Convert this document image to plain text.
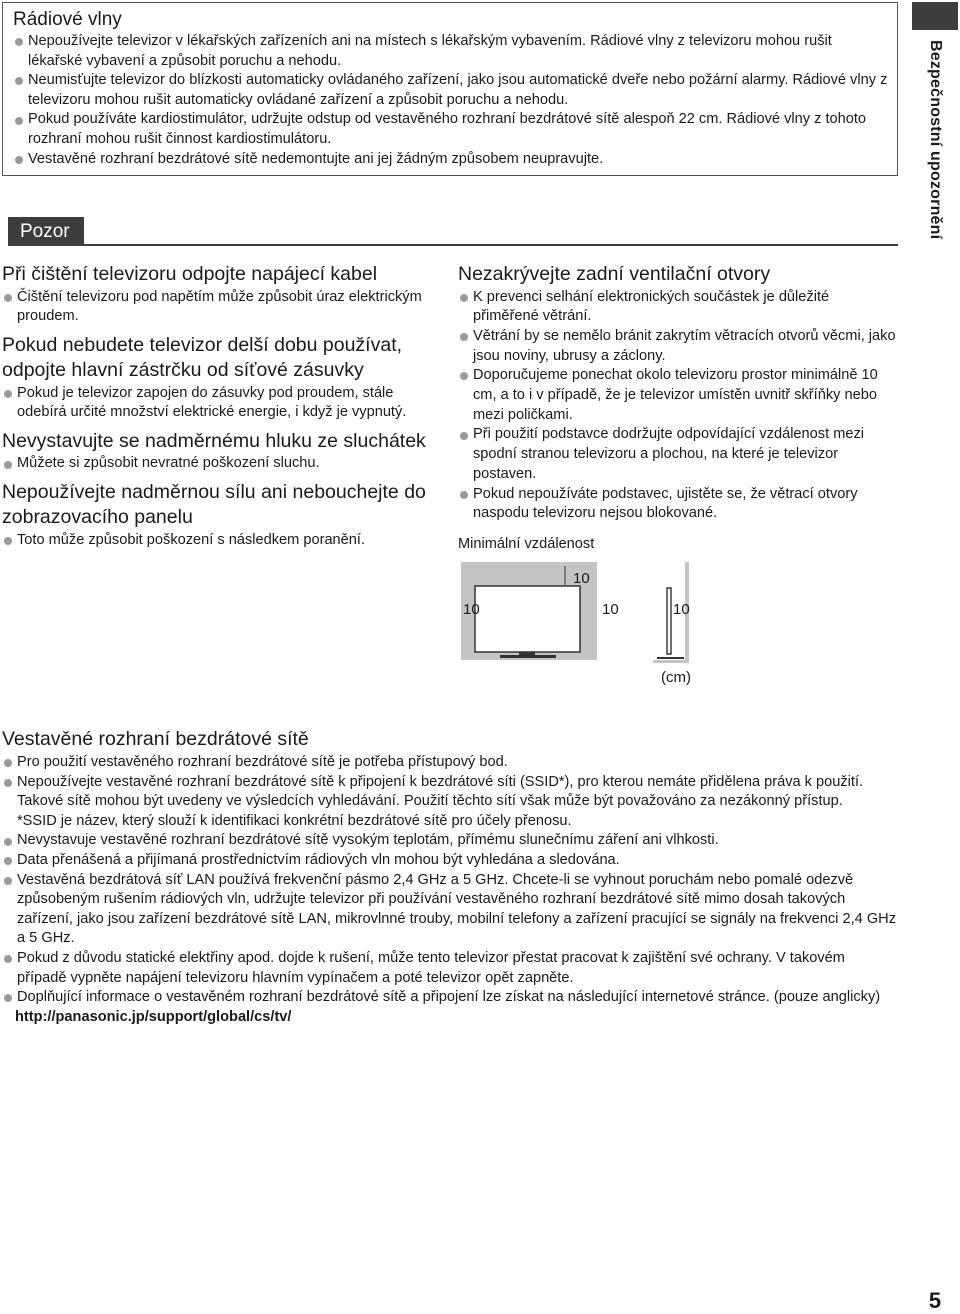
Rádiové vlny
Nepoužívejte televizor v lékařských zařízeních ani na místech s lékařským vybavením. Rádiové vlny z televizoru mohou rušit lékařské vybavení a způsobit poruchu a nehodu.
Neumisťujte televizor do blízkosti automaticky ovládaného zařízení, jako jsou automatické dveře nebo požární alarmy. Rádiové vlny z televizoru mohou rušit automaticky ovládané zařízení a způsobit poruchu a nehodu.
Pokud používáte kardiostimulátor, udržujte odstup od vestavěného rozhraní bezdrátové sítě alespoň 22 cm. Rádiové vlny z tohoto rozhraní mohou rušit činnost kardiostimulátoru.
Vestavěné rozhraní bezdrátové sítě nedemontujte ani jej žádným způsobem neupravujte.	Bezpečnostní upozornění
Pozor
Při čištění televizoru odpojte napájecí kabel
Čištění televizoru pod napětím může způsobit úraz elektrickým proudem.
Pokud nebudete televizor delší dobu používat, odpojte hlavní zástrčku od síťové zásuvky
Pokud je televizor zapojen do zásuvky pod proudem, stále odebírá určité množství elektrické energie, i když je vypnutý.
Nevystavujte se nadměrnému hluku ze sluchátek
Můžete si způsobit nevratné poškození sluchu.
Nepoužívejte nadměrnou sílu ani nebouchejte do zobrazovacího panelu
Toto může způsobit poškození s následkem poranění.
Nezakrývejte zadní ventilační otvory
K prevenci selhání elektronických součástek je důležité přiměřené větrání.
Větrání by se nemělo bránit zakrytím větracích otvorů věcmi, jako jsou noviny, ubrusy a záclony.
Doporučujeme ponechat okolo televizoru prostor minimálně 10 cm, a to i v případě, že je televizor umístěn uvnitř skříňky nebo mezi poličkami.
Při použití podstavce dodržujte odpovídající vzdálenost mezi spodní stranou televizoru a plochou, na které je televizor postaven.
Pokud nepoužíváte podstavec, ujistěte se, že větrací otvory naspodu televizoru nejsou blokované.
Minimální vzdálenost
10
10	10	10
(cm)
Vestavěné rozhraní bezdrátové sítě
Pro použití vestavěného rozhraní bezdrátové sítě je potřeba přístupový bod.
Nepoužívejte vestavěné rozhraní bezdrátové sítě k připojení k bezdrátové síti (SSID*), pro kterou nemáte přidělena práva k použití. Takové sítě mohou být uvedeny ve výsledcích vyhledávání. Použití těchto sítí však může být považováno za nezákonný přístup.
*SSID je název, který slouží k identifikaci konkrétní bezdrátové sítě pro účely přenosu.
Nevystavuje vestavěné rozhraní bezdrátové sítě vysokým teplotám, přímému slunečnímu záření ani vlhkosti.
Data přenášená a přijímaná prostřednictvím rádiových vln mohou být vyhledána a sledována.
Vestavěná bezdrátová síť LAN používá frekvenční pásmo 2,4 GHz a 5 GHz. Chcete-li se vyhnout poruchám nebo pomalé odezvě způsobeným rušením rádiových vln, udržujte televizor při používání vestavěného rozhraní bezdrátové sítě mimo dosah takových zařízení, jako jsou zařízení bezdrátové sítě LAN, mikrovlnné trouby, mobilní telefony a zařízení pracující se signály na frekvenci 2,4 GHz a 5 GHz.
Pokud z důvodu statické elektřiny apod. dojde k rušení, může tento televizor přestat pracovat k zajištění své ochrany. V takovém případě vypněte napájení televizoru hlavním vypínačem a poté televizor opět zapněte.
Doplňující informace o vestavěném rozhraní bezdrátové sítě a připojení lze získat na následující internetové stránce. (pouze anglicky)
http://panasonic.jp/support/global/cs/tv/
5
